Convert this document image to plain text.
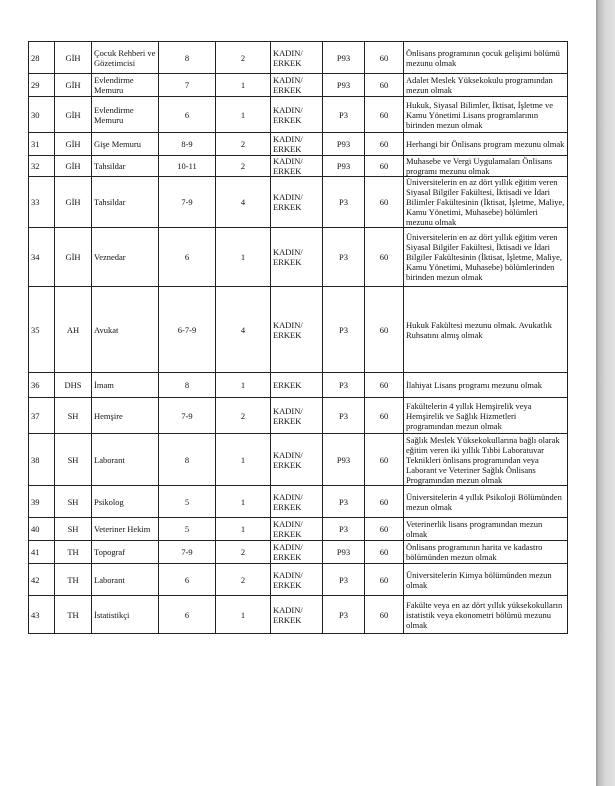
28	GİH	Çocuk Rehberi ve Gözetimcisi	8	2	KADIN/ ERKEK	P93	60	Önlisans programının çocuk gelişimi bölümü mezunu olmak
29	GİH	Evlendirme Memuru	7	1	KADIN/ ERKEK	P93	60	Adalet Meslek Yüksekokulu programından mezun olmak
30	GİH	Evlendirme Memuru	6	1	KADIN/ ERKEK	P3	60	Hukuk, Siyasal Bilimler, İktisat, İşletme ve Kamu Yönetimi Lisans programlarının birinden mezun olmak
31	GİH	Gişe Memuru	8-9	2	KADIN/ ERKEK	P93	60	Herhangi bir Önlisans program mezunu olmak
32	GİH	Tahsildar	10-11	2	KADIN/ ERKEK	P93	60	Muhasebe ve Vergi Uygulamaları Önlisans programı mezunu olmak
33	GİH	Tahsildar	7-9	4	KADIN/ ERKEK	P3	60	Üniversitelerin en az dört yıllık eğitim veren Siyasal Bilgiler Fakültesi, İktisadi ve İdari Bilimler Fakültesinin (İktisat, İşletme, Maliye, Kamu Yönetimi, Muhasebe) bölümleri mezunu olmak
34	GİH	Veznedar	6	1	KADIN/ ERKEK	P3	60	Üniversitelerin en az dört yıllık eğitim veren Siyasal Bilgiler Fakültesi, İktisadi ve İdari Bilgiler Fakültesinin (İktisat, İşletme, Maliye, Kamu Yönetimi, Muhasebe) bölümlerinden birinden mezun olmak
35	AH	Avukat	6-7-9	4	KADIN/ ERKEK	P3	60	Hukuk Fakültesi mezunu olmak. Avukatlık Ruhsatını almış olmak
36	DHS	İmam	8	1	ERKEK	P3	60	İlahiyat Lisans programı mezunu olmak
37	SH	Hemşire	7-9	2	KADIN/ ERKEK	P3	60	Fakültelerin 4 yıllık Hemşirelik veya Hemşirelik ve Sağlık Hizmetleri programından mezun olmak
38	SH	Laborant	8	1	KADIN/ ERKEK	P93	60	Sağlık Meslek Yüksekokullarına bağlı olarak eğitim veren iki yıllık Tıbbi Laboratuvar Teknikleri önlisans programından veya Laborant ve Veteriner Sağlık Önlisans Programından mezun olmak
39	SH	Psikolog	5	1	KADIN/ ERKEK	P3	60	Üniversitelerin 4 yıllık Psikoloji Bölümünden mezun olmak
40	SH	Veteriner Hekim	5	1	KADIN/ ERKEK	P3	60	Veterinerlik lisans programından mezun olmak
41	TH	Topograf	7-9	2	KADIN/ ERKEK	P93	60	Önlisans programının harita ve kadastro bölümünden mezun olmak
42	TH	Laborant	6	2	KADIN/ ERKEK	P3	60	Üniversitelerin Kimya bölümünden mezun olmak
43	TH	İstatistikçi	6	1	KADIN/ ERKEK	P3	60	Fakülte veya en az dört yıllık yüksekokulların istatistik veya ekonometri bölümü mezunu olmak
